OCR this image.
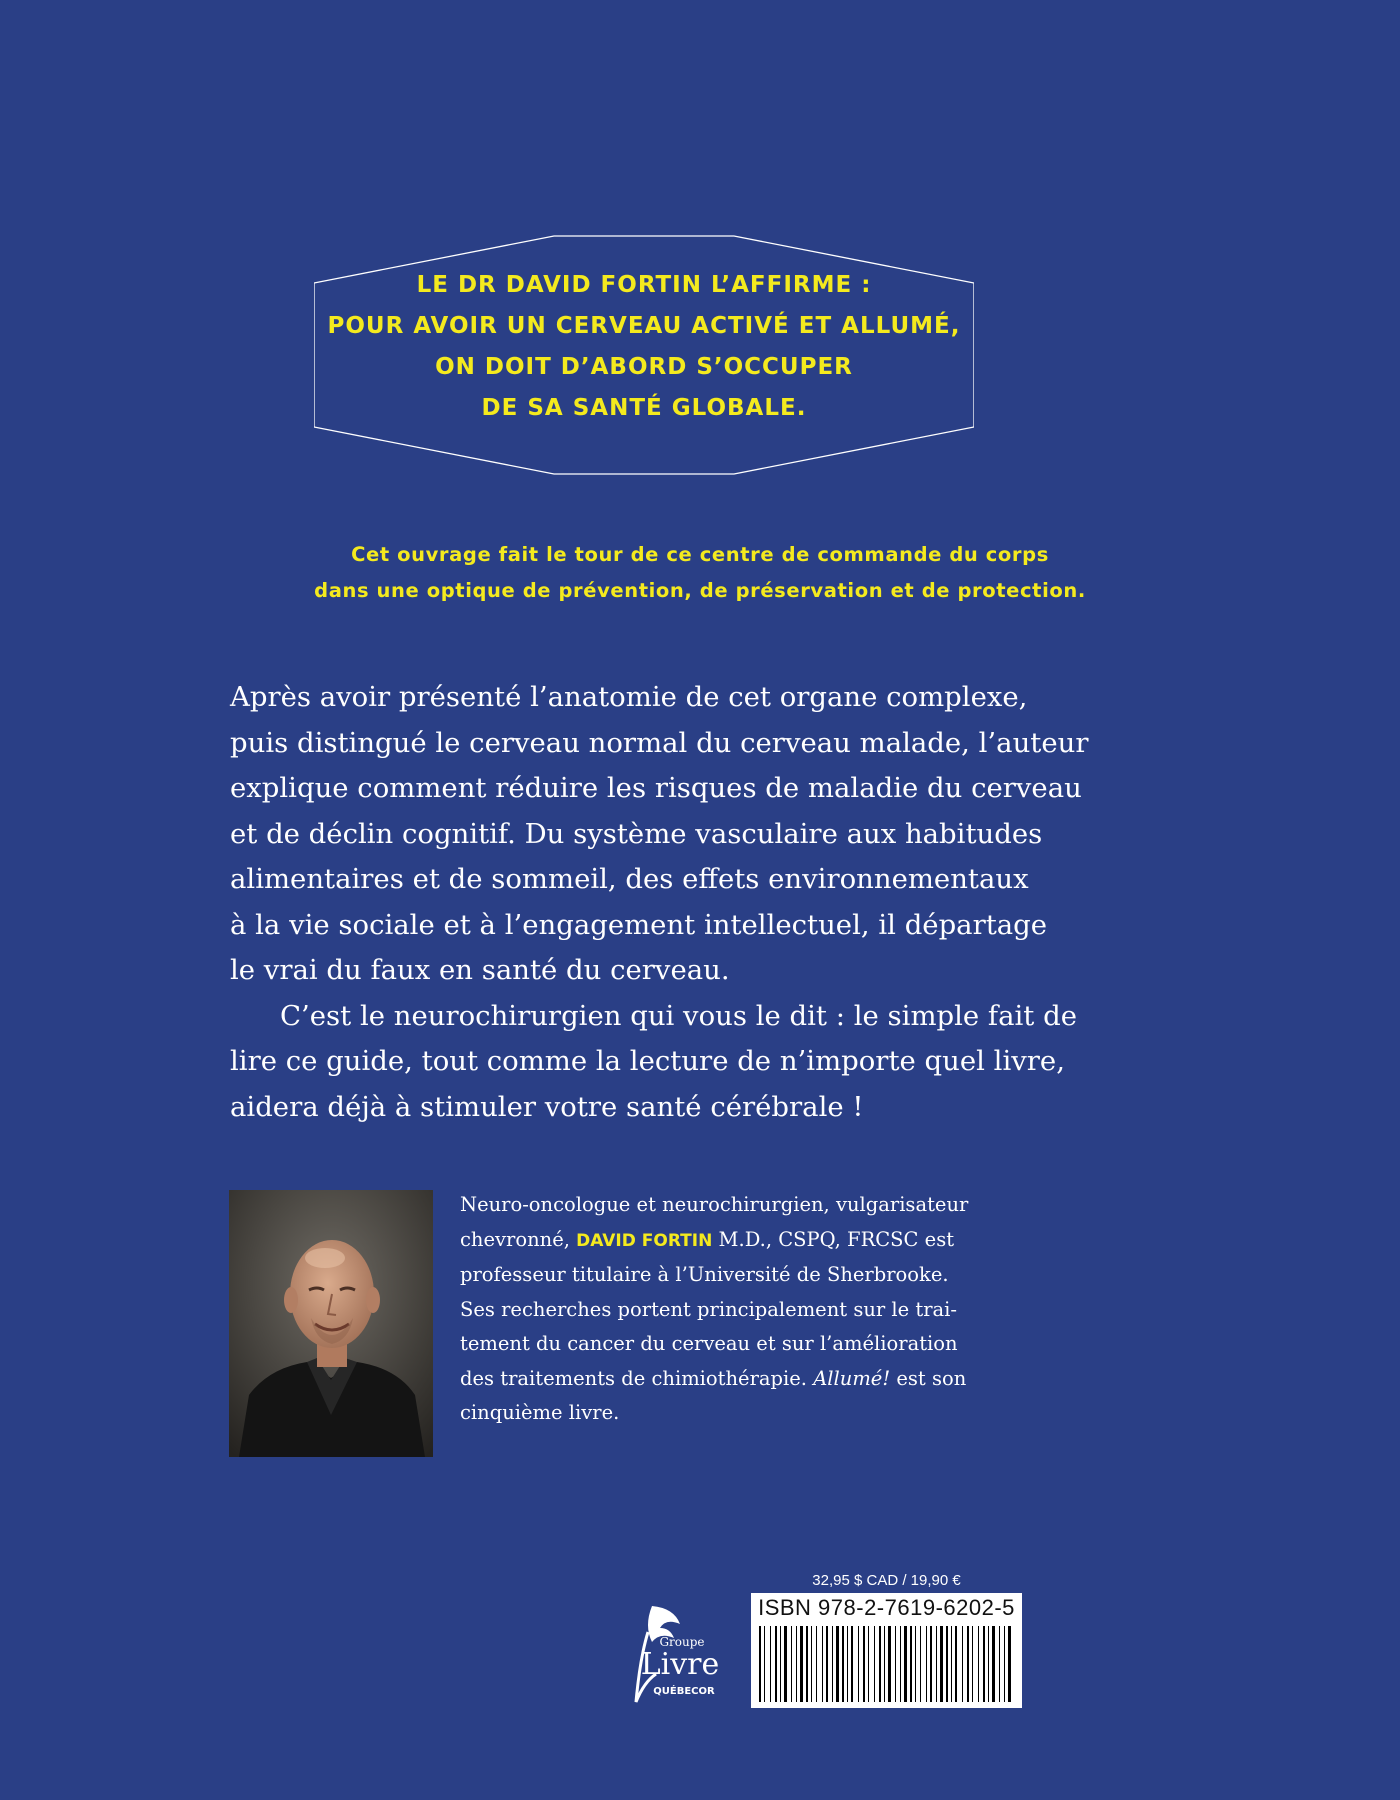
LE DR DAVID FORTIN L’AFFIRME :
POUR AVOIR UN CERVEAU ACTIVÉ ET ALLUMÉ,
ON DOIT D’ABORD S’OCCUPER
DE SA SANTÉ GLOBALE.
Cet ouvrage fait le tour de ce centre de commande du corps
dans une optique de prévention, de préservation et de protection.
Après avoir présenté l’anatomie de cet organe complexe,
puis distingué le cerveau normal du cerveau malade, l’auteur
explique comment réduire les risques de maladie du cerveau
et de déclin cognitif. Du système vasculaire aux habitudes
alimentaires et de sommeil, des effets environnementaux
à la vie sociale et à l’engagement intellectuel, il départage
le vrai du faux en santé du cerveau.
C’est le neurochirurgien qui vous le dit : le simple fait de
lire ce guide, tout comme la lecture de n’importe quel livre,
aidera déjà à stimuler votre santé cérébrale !
Neuro-oncologue et neurochirurgien, vulgarisateur
chevronné, DAVID FORTIN M.D., CSPQ, FRCSC est
professeur titulaire à l’Université de Sherbrooke.
Ses recherches portent principalement sur le trai-
tement du cancer du cerveau et sur l’amélioration
des traitements de chimiothérapie. Allumé! est son
cinquième livre.
Groupe
Livre
QUÉBECOR
32,95 $ CAD / 19,90 €
ISBN 978-2-7619-6202-5
